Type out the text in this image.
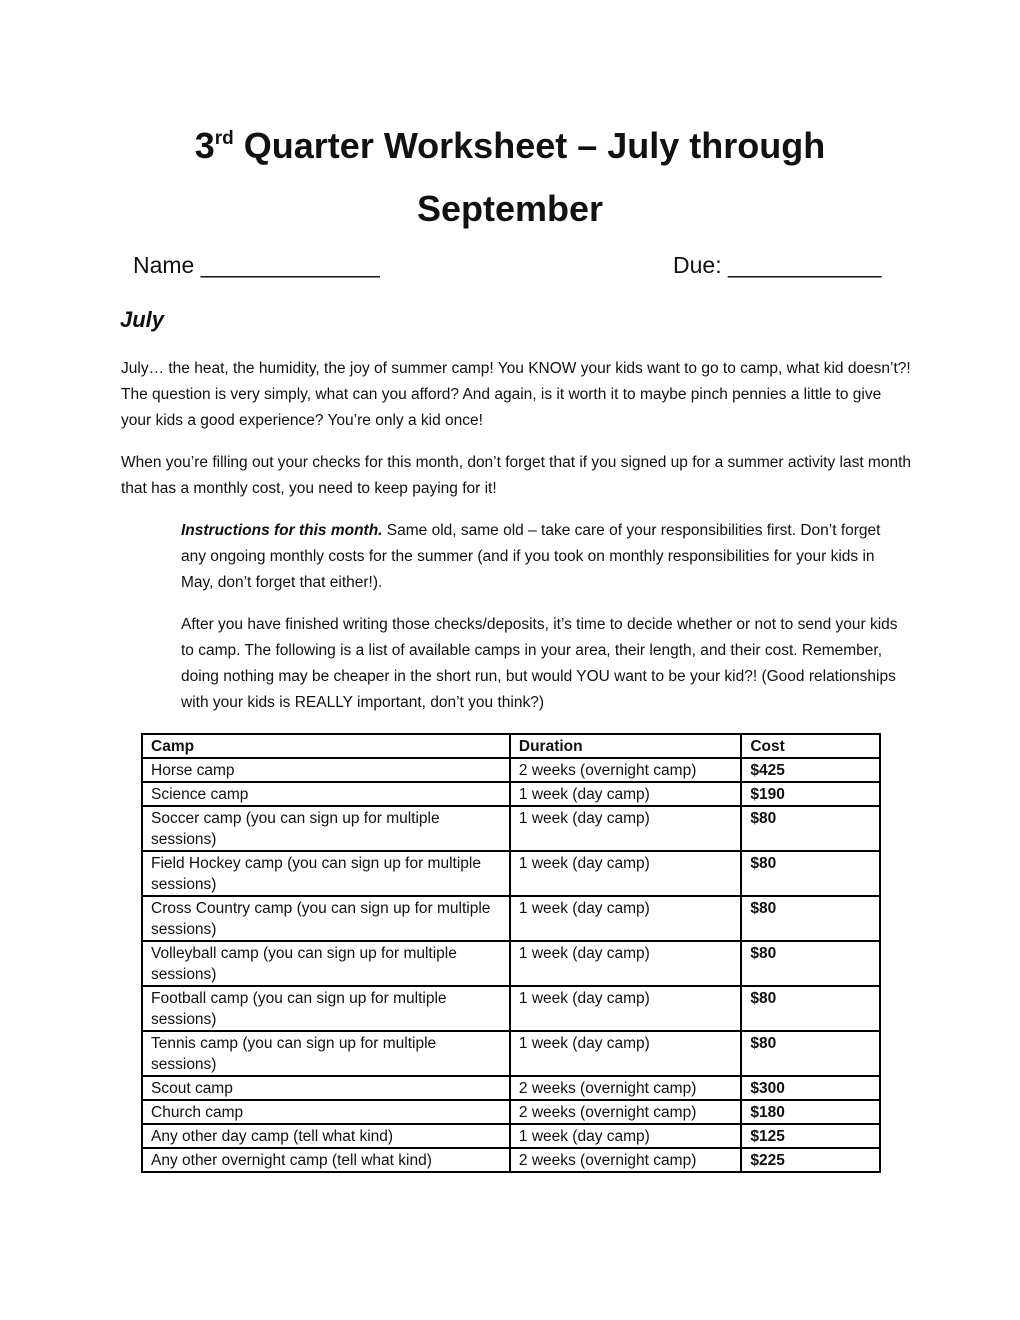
3rd Quarter Worksheet – July through
September
Name ______________	Due: ____________
July

July… the heat, the humidity, the joy of summer camp! You KNOW your kids want to go to camp, what kid doesn’t?! The question is very simply, what can you afford? And again, is it worth it to maybe pinch pennies a little to give your kids a good experience? You’re only a kid once!

When you’re filling out your checks for this month, don’t forget that if you signed up for a summer activity last month that has a monthly cost, you need to keep paying for it!

Instructions for this month. Same old, same old – take care of your responsibilities first. Don’t forget any ongoing monthly costs for the summer (and if you took on monthly responsibilities for your kids in May, don’t forget that either!).

After you have finished writing those checks/deposits, it’s time to decide whether or not to send your kids to camp. The following is a list of available camps in your area, their length, and their cost. Remember, doing nothing may be cheaper in the short run, but would YOU want to be your kid?! (Good relationships with your kids is REALLY important, don’t you think?)

Camp	Duration	Cost
Horse camp	2 weeks (overnight camp)	$425
Science camp	1 week (day camp)	$190
Soccer camp (you can sign up for multiple sessions)	1 week (day camp)	$80
Field Hockey camp (you can sign up for multiple sessions)	1 week (day camp)	$80
Cross Country camp (you can sign up for multiple sessions)	1 week (day camp)	$80
Volleyball camp (you can sign up for multiple sessions)	1 week (day camp)	$80
Football camp (you can sign up for multiple sessions)	1 week (day camp)	$80
Tennis camp (you can sign up for multiple sessions)	1 week (day camp)	$80
Scout camp	2 weeks (overnight camp)	$300
Church camp	2 weeks (overnight camp)	$180
Any other day camp (tell what kind)	1 week (day camp)	$125
Any other overnight camp (tell what kind)	2 weeks (overnight camp)	$225
